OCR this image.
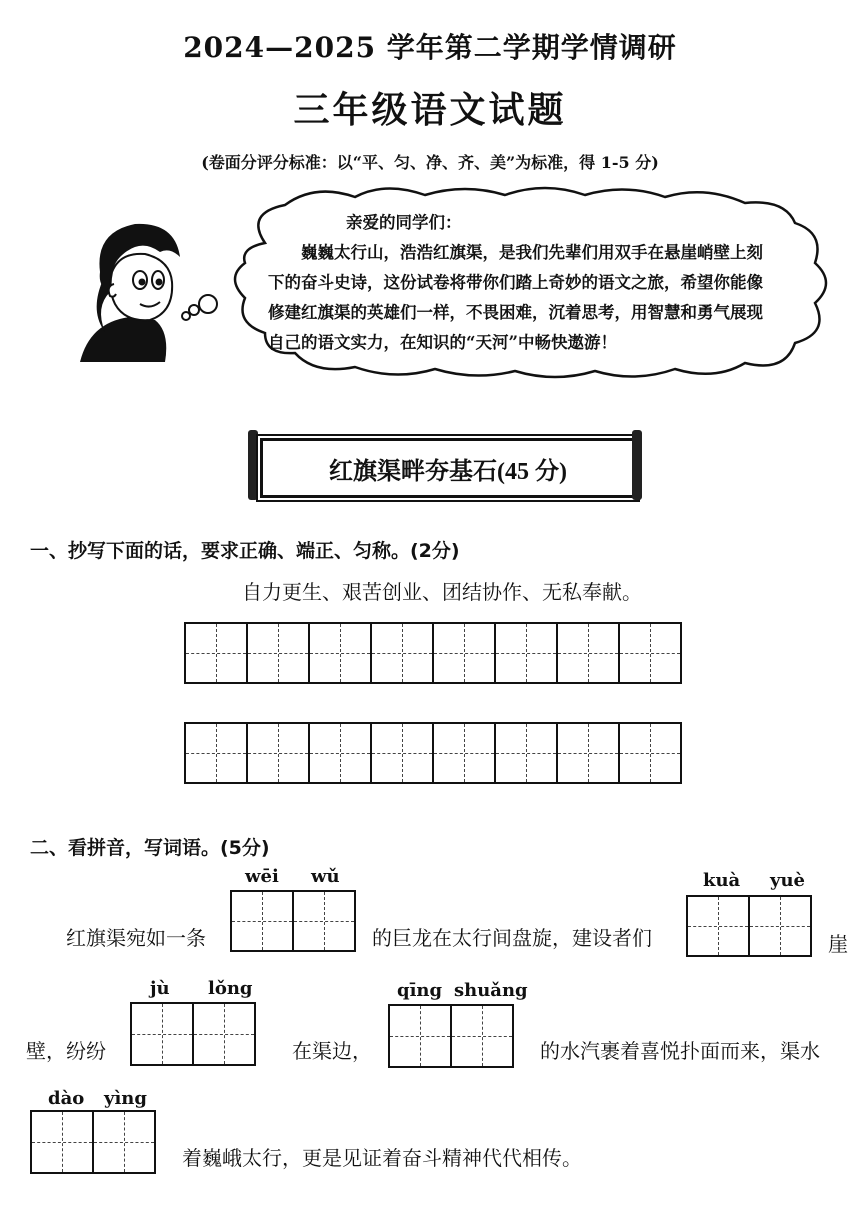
2024—2025 学年第二学期学情调研
三年级语文试题
(卷面分评分标准：以“平、匀、净、齐、美”为标准，得 1-5 分)
亲爱的同学们：
巍巍太行山，浩浩红旗渠，是我们先辈们用双手在悬崖峭壁上刻下的奋斗史诗，这份试卷将带你们踏上奇妙的语文之旅，希望你能像修建红旗渠的英雄们一样，不畏困难，沉着思考，用智慧和勇气展现自己的语文实力，在知识的“天河”中畅快遨游！
红旗渠畔夯基石(45 分)
一、抄写下面的话，要求正确、端正、匀称。(2分)
自力更生、艰苦创业、团结协作、无私奉献。
二、看拼音，写词语。(5分)
红旗渠宛如一条
wēi wǔ
的巨龙在太行间盘旋，建设者们
kuà yuè
崖
壁，纷纷
jù lǒng
在渠边，
qīng shuǎng
的水汽裹着喜悦扑面而来，渠水
dào yìng
着巍峨太行，更是见证着奋斗精神代代相传。
